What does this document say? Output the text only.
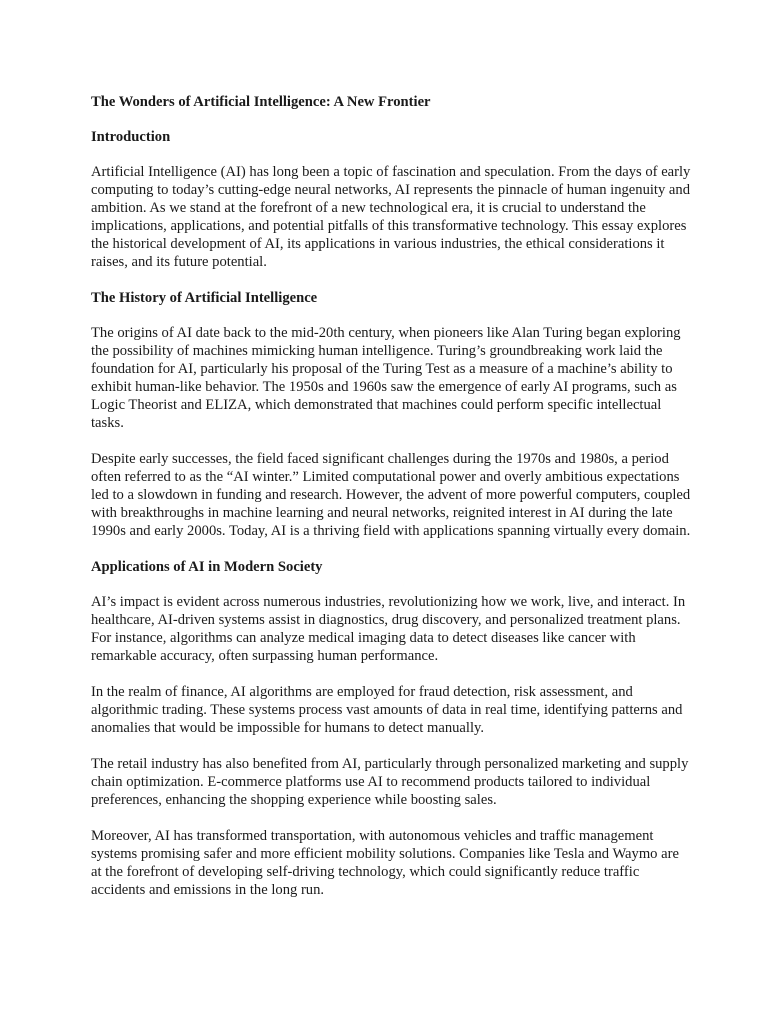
The Wonders of Artificial Intelligence: A New Frontier
Introduction

Artificial Intelligence (AI) has long been a topic of fascination and speculation. From the days of early computing to today’s cutting-edge neural networks, AI represents the pinnacle of human ingenuity and ambition. As we stand at the forefront of a new technological era, it is crucial to understand the implications, applications, and potential pitfalls of this transformative technology. This essay explores the historical development of AI, its applications in various industries, the ethical considerations it raises, and its future potential.

The History of Artificial Intelligence

The origins of AI date back to the mid-20th century, when pioneers like Alan Turing began exploring the possibility of machines mimicking human intelligence. Turing’s groundbreaking work laid the foundation for AI, particularly his proposal of the Turing Test as a measure of a machine’s ability to exhibit human-like behavior. The 1950s and 1960s saw the emergence of early AI programs, such as Logic Theorist and ELIZA, which demonstrated that machines could perform specific intellectual tasks.

Despite early successes, the field faced significant challenges during the 1970s and 1980s, a period often referred to as the “AI winter.” Limited computational power and overly ambitious expectations led to a slowdown in funding and research. However, the advent of more powerful computers, coupled with breakthroughs in machine learning and neural networks, reignited interest in AI during the late 1990s and early 2000s. Today, AI is a thriving field with applications spanning virtually every domain.

Applications of AI in Modern Society

AI’s impact is evident across numerous industries, revolutionizing how we work, live, and interact. In healthcare, AI-driven systems assist in diagnostics, drug discovery, and personalized treatment plans. For instance, algorithms can analyze medical imaging data to detect diseases like cancer with remarkable accuracy, often surpassing human performance.

In the realm of finance, AI algorithms are employed for fraud detection, risk assessment, and algorithmic trading. These systems process vast amounts of data in real time, identifying patterns and anomalies that would be impossible for humans to detect manually.

The retail industry has also benefited from AI, particularly through personalized marketing and supply chain optimization. E-commerce platforms use AI to recommend products tailored to individual preferences, enhancing the shopping experience while boosting sales.

Moreover, AI has transformed transportation, with autonomous vehicles and traffic management systems promising safer and more efficient mobility solutions. Companies like Tesla and Waymo are at the forefront of developing self-driving technology, which could significantly reduce traffic accidents and emissions in the long run.
